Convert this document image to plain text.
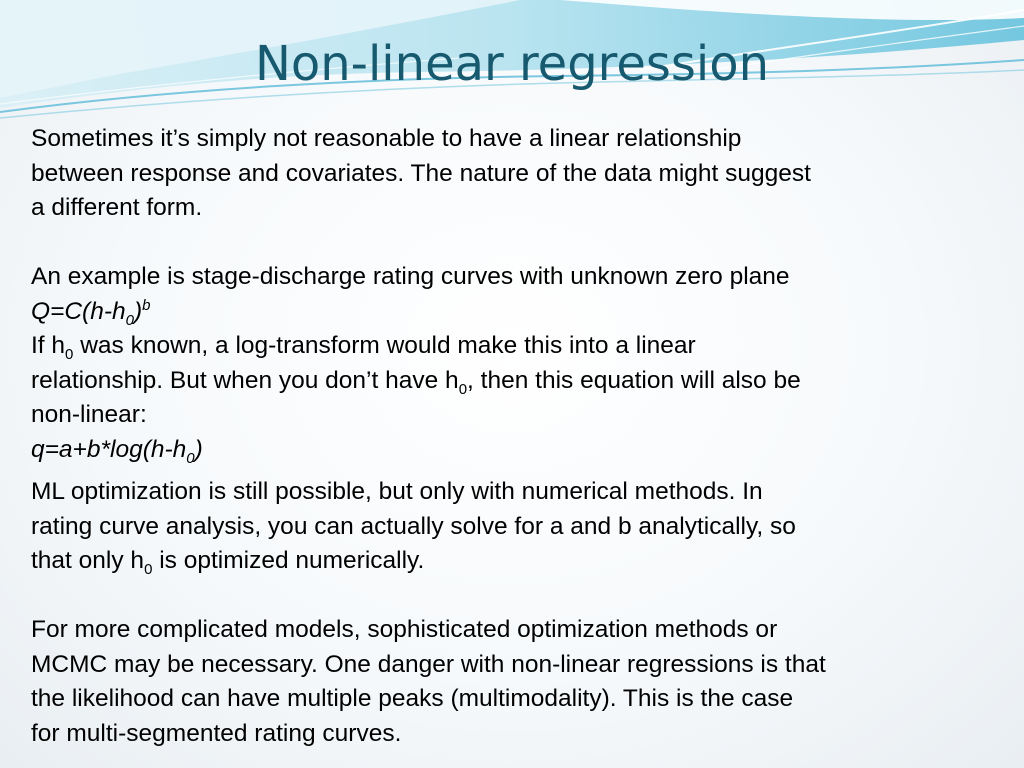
Non-linear regression
Sometimes it’s simply not reasonable to have a linear relationship
between response and covariates. The nature of the data might suggest
a different form.
An example is stage-discharge rating curves with unknown zero plane
$Q=C(h-h_0)^b$
If $h_0$ was known, a log-transform would make this into a linear
relationship. But when you don’t have $h_0$, then this equation will also be
non-linear:
$q=a+b*\log(h-h_0)$
ML optimization is still possible, but only with numerical methods. In
rating curve analysis, you can actually solve for a and b analytically, so
that only $h_0$ is optimized numerically.
For more complicated models, sophisticated optimization methods or
MCMC may be necessary. One danger with non-linear regressions is that
the likelihood can have multiple peaks (multimodality). This is the case
for multi-segmented rating curves.
